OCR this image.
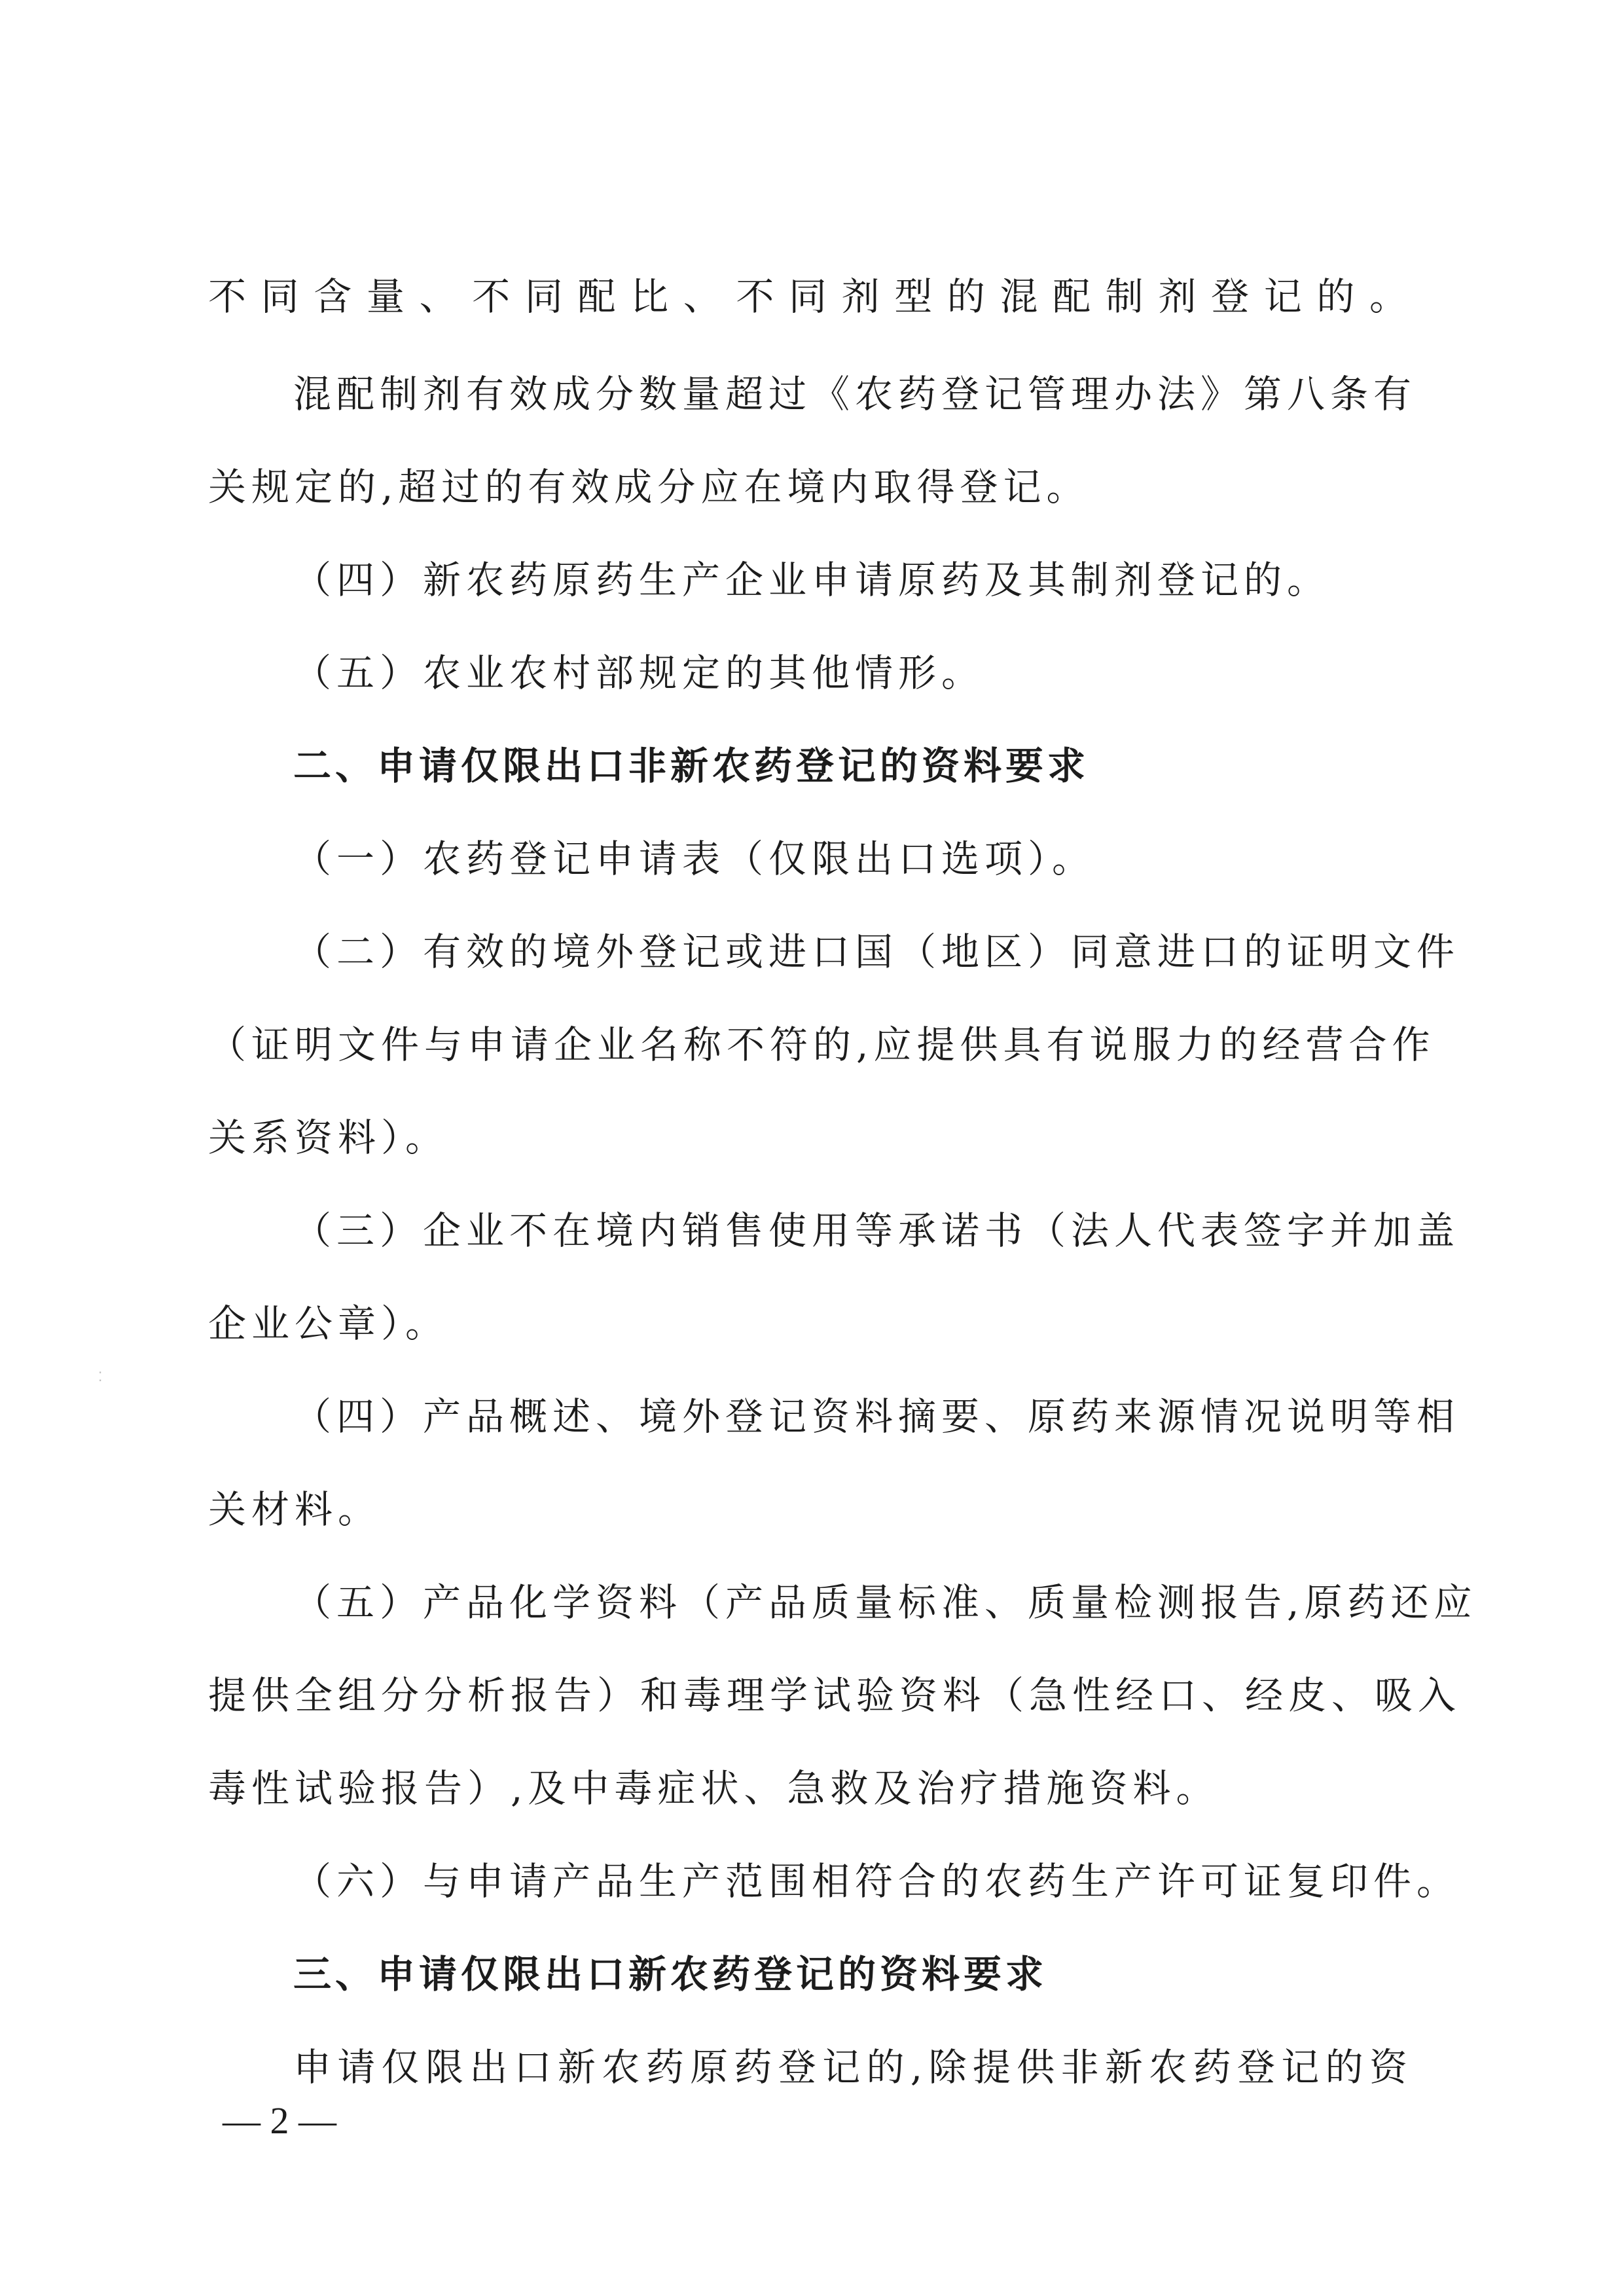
不同含量、不同配比、不同剂型的混配制剂登记的。
混配制剂有效成分数量超过《农药登记管理办法》第八条有
关规定的,超过的有效成分应在境内取得登记。
（四）新农药原药生产企业申请原药及其制剂登记的。
（五）农业农村部规定的其他情形。
二、申请仅限出口非新农药登记的资料要求
（一）农药登记申请表（仅限出口选项）。
（二）有效的境外登记或进口国（地区）同意进口的证明文件
（证明文件与申请企业名称不符的,应提供具有说服力的经营合作
关系资料）。
（三）企业不在境内销售使用等承诺书（法人代表签字并加盖
企业公章）。
（四）产品概述、境外登记资料摘要、原药来源情况说明等相
关材料。
（五）产品化学资料（产品质量标准、质量检测报告,原药还应
提供全组分分析报告）和毒理学试验资料（急性经口、经皮、吸入
毒性试验报告）,及中毒症状、急救及治疗措施资料。
（六）与申请产品生产范围相符合的农药生产许可证复印件。
三、申请仅限出口新农药登记的资料要求
申请仅限出口新农药原药登记的,除提供非新农药登记的资
— 2 —
⁚
